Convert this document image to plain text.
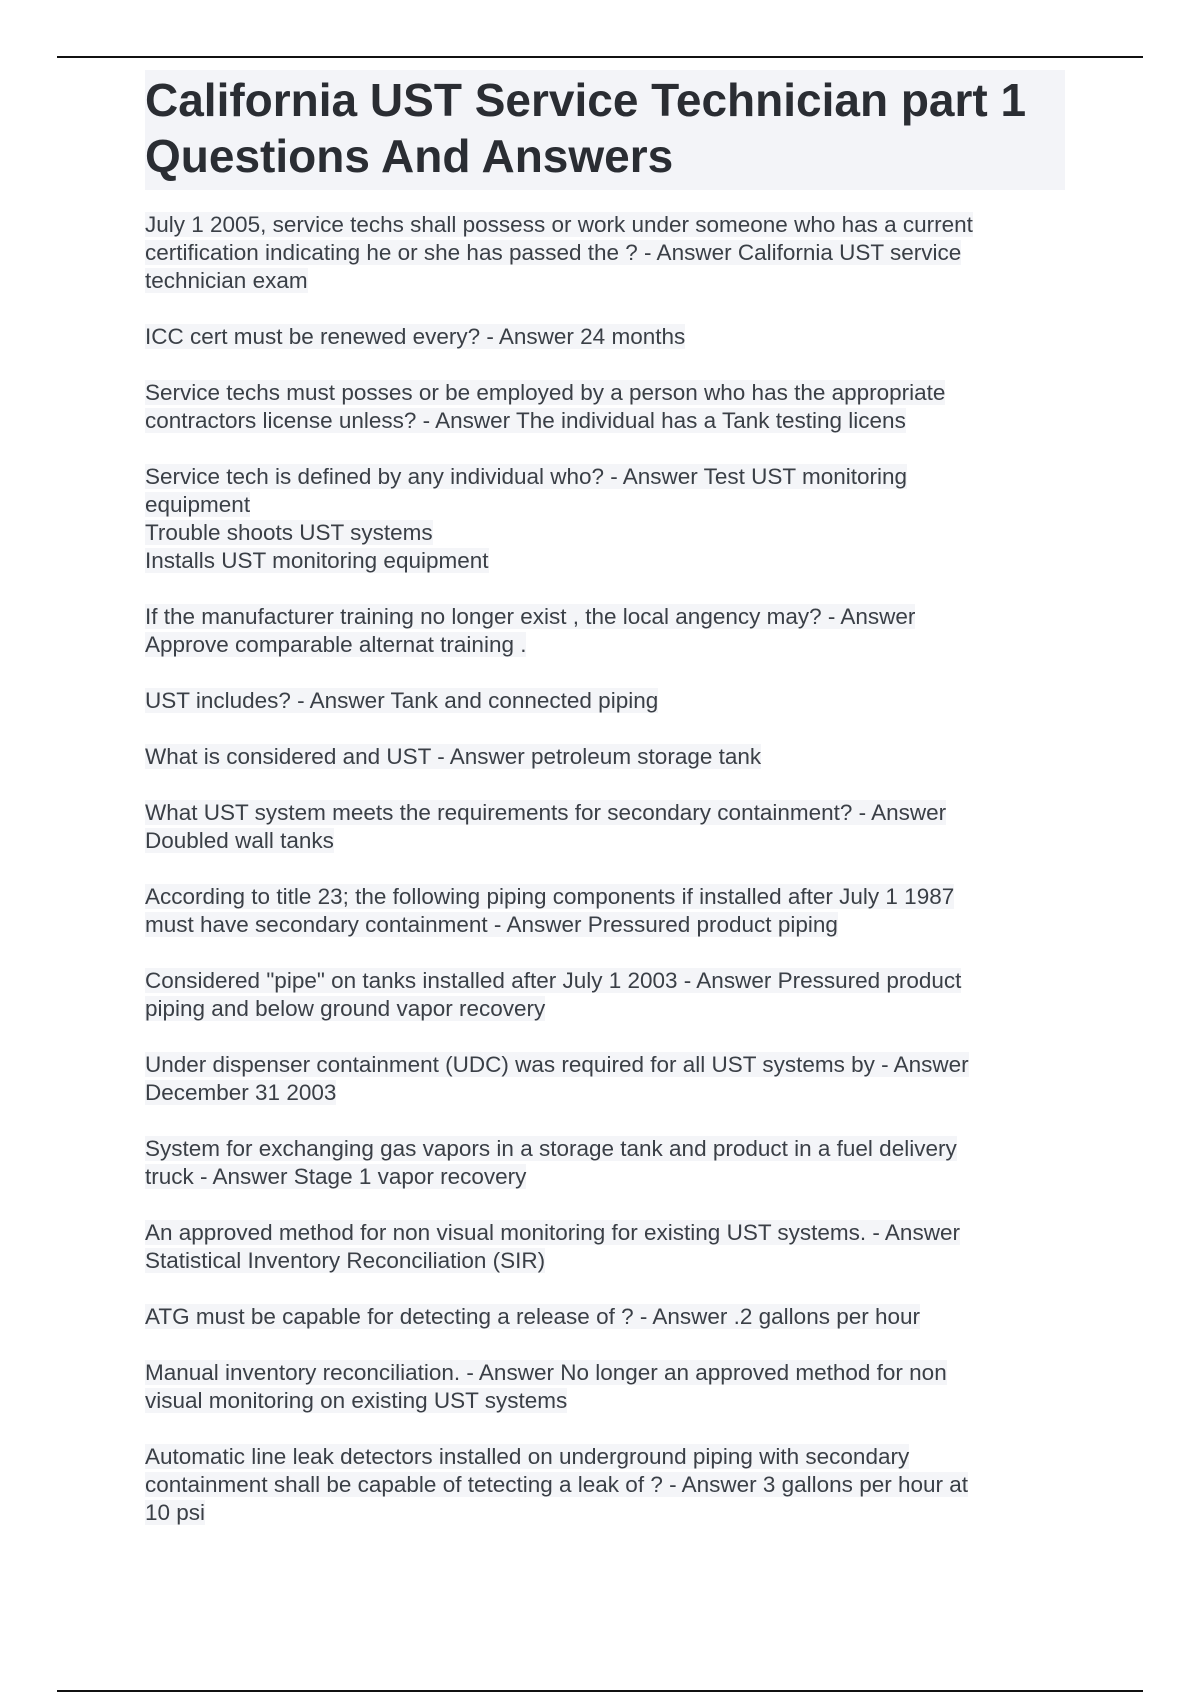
California UST Service Technician part 1 Questions And Answers
July 1 2005, service techs shall possess or work under someone who has a current
certification indicating he or she has passed the ? - Answer California UST service
technician exam
ICC cert must be renewed every? - Answer 24 months
Service techs must posses or be employed by a person who has the appropriate
contractors license unless? - Answer The individual has a Tank testing licens
Service tech is defined by any individual who? - Answer Test UST monitoring
equipment
Trouble shoots UST systems
Installs UST monitoring equipment
If the manufacturer training no longer exist , the local angency may? - Answer
Approve comparable alternat training .
UST includes? - Answer Tank and connected piping
What is considered and UST - Answer petroleum storage tank
What UST system meets the requirements for secondary containment? - Answer
Doubled wall tanks
According to title 23; the following piping components if installed after July 1 1987
must have secondary containment - Answer Pressured product piping
Considered "pipe" on tanks installed after July 1 2003 - Answer Pressured product
piping and below ground vapor recovery
Under dispenser containment (UDC) was required for all UST systems by - Answer
December 31 2003
System for exchanging gas vapors in a storage tank and product in a fuel delivery
truck - Answer Stage 1 vapor recovery
An approved method for non visual monitoring for existing UST systems. - Answer
Statistical Inventory Reconciliation (SIR)
ATG must be capable for detecting a release of ? - Answer .2 gallons per hour
Manual inventory reconciliation. - Answer No longer an approved method for non
visual monitoring on existing UST systems
Automatic line leak detectors installed on underground piping with secondary
containment shall be capable of tetecting a leak of ? - Answer 3 gallons per hour at
10 psi
